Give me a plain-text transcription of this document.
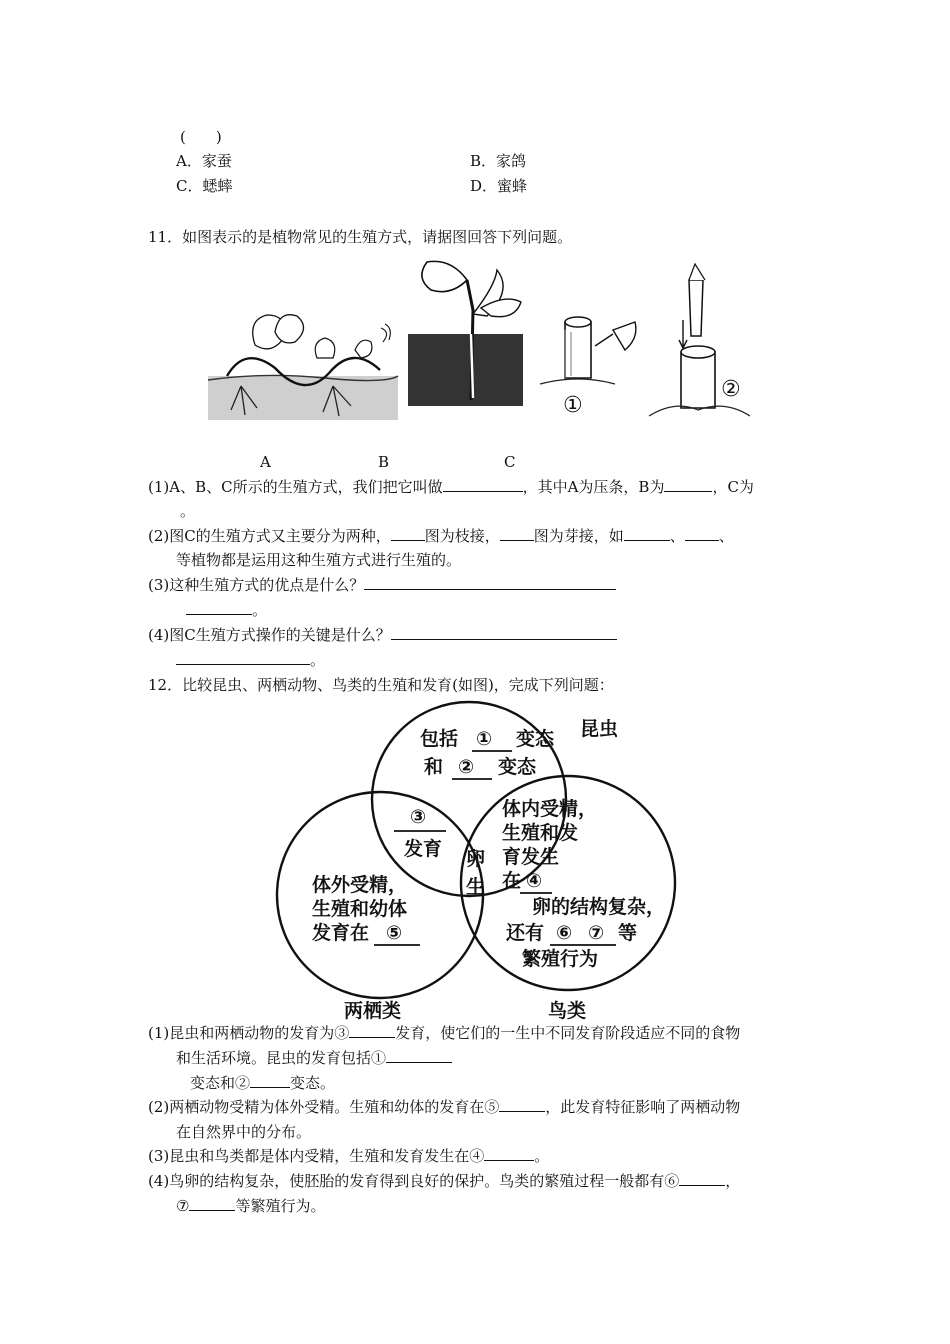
(　　)
A．家蚕	B．家鸽
C．蟋蟀	D．蜜蜂
11．如图表示的是植物常见的生殖方式，请据图回答下列问题。
①
②
A	B	C
(1)A、B、C所示的生殖方式，我们把它叫做	，其中A为压条，B为	，C为
。
(2)图C的生殖方式又主要分为两种， 图为枝接， 图为芽接，如	、 、
等植物都是运用这种生殖方式进行生殖的。
(3)这种生殖方式的优点是什么？
。
(4)图C生殖方式操作的关键是什么？
。
12．比较昆虫、两栖动物、鸟类的生殖和发育(如图)，完成下列问题：
昆虫
两栖类	鸟类
包括 ① 变态
和 ② 变态
③
发育 卵
生
体内受精，
生殖和发
育发生
在 ④
体外受精，
生殖和幼体
发育在 ⑤
卵的结构复杂，
还有 ⑥ ⑦ 等
繁殖行为
(1)昆虫和两栖动物的发育为③	发育，使它们的一生中不同发育阶段适应不同的食物
和生活环境。昆虫的发育包括①
变态和②	变态。
(2)两栖动物受精为体外受精。生殖和幼体的发育在⑤	，此发育特征影响了两栖动物
在自然界中的分布。
(3)昆虫和鸟类都是体内受精，生殖和发育发生在④	。
(4)鸟卵的结构复杂，使胚胎的发育得到良好的保护。鸟类的繁殖过程一般都有⑥	，
⑦	等繁殖行为。
